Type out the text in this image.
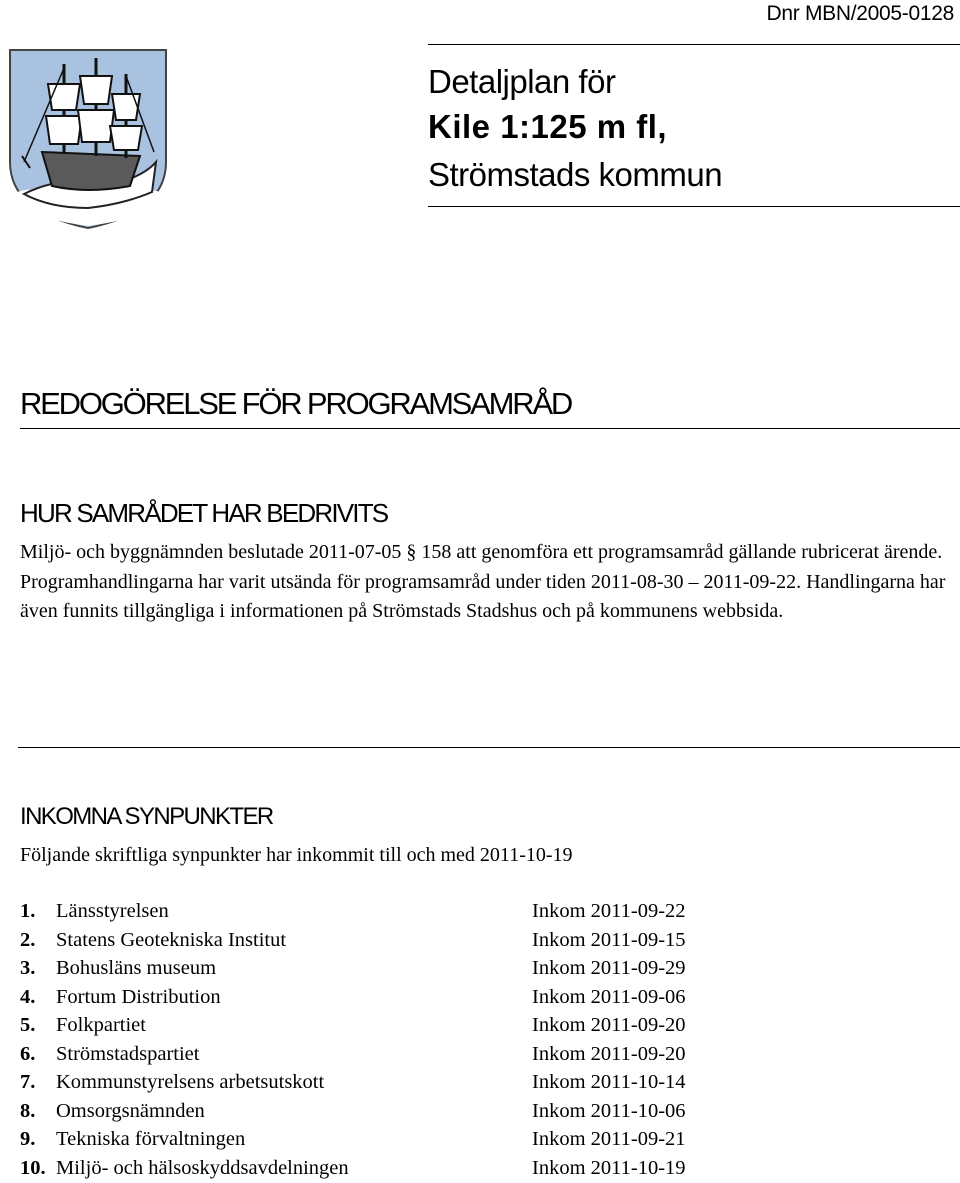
Dnr MBN/2005-0128
Detaljplan för
Kile 1:125 m fl,
Strömstads kommun
REDOGÖRELSE FÖR PROGRAMSAMRÅD
HUR SAMRÅDET HAR BEDRIVITS
Miljö- och byggnämnden beslutade 2011-07-05 § 158 att genomföra ett programsamråd gällande rubricerat ärende. Programhandlingarna har varit utsända för programsamråd under tiden 2011-08-30 – 2011-09-22. Handlingarna har även funnits tillgängliga i informationen på Strömstads Stadshus och på kommunens webbsida.
INKOMNA SYNPUNKTER
Följande skriftliga synpunkter har inkommit till och med 2011-10-19
1. Länsstyrelsen	Inkom 2011-09-22
2. Statens Geotekniska Institut	Inkom 2011-09-15
3. Bohusläns museum	Inkom 2011-09-29
4. Fortum Distribution	Inkom 2011-09-06
5. Folkpartiet	Inkom 2011-09-20
6. Strömstadspartiet	Inkom 2011-09-20
7. Kommunstyrelsens arbetsutskott	Inkom 2011-10-14
8. Omsorgsnämnden	Inkom 2011-10-06
9. Tekniska förvaltningen	Inkom 2011-09-21
10. Miljö- och hälsoskyddsavdelningen	Inkom 2011-10-19
